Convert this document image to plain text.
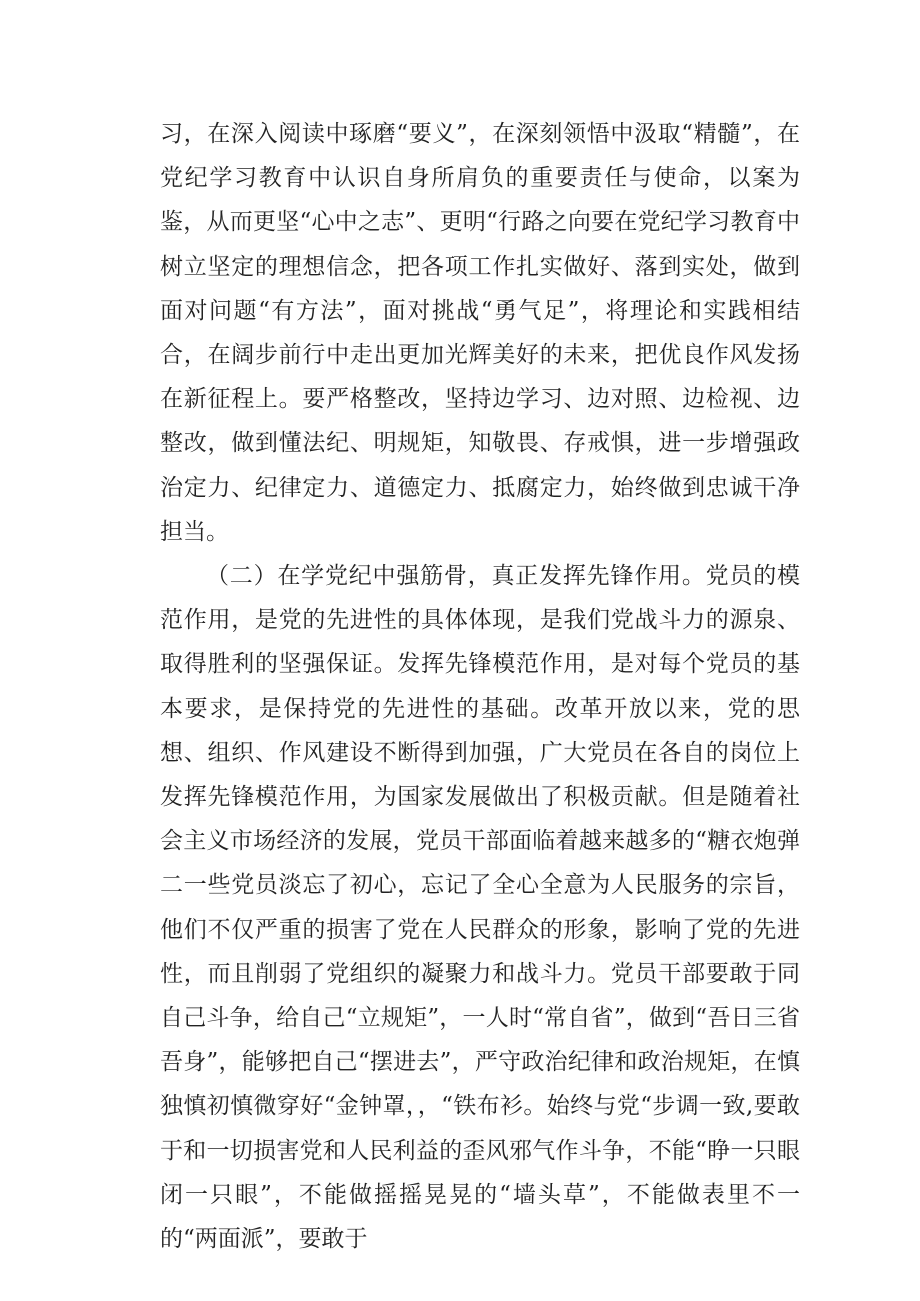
习，在深入阅读中琢磨“要义”，在深刻领悟中汲取“精髓”，在党纪学习教育中认识自身所肩负的重要责任与使命，以案为鉴，从而更坚“心中之志”、更明“行路之向要在党纪学习教育中树立坚定的理想信念，把各项工作扎实做好、落到实处，做到面对问题“有方法”，面对挑战“勇气足”，将理论和实践相结合，在阔步前行中走出更加光辉美好的未来，把优良作风发扬在新征程上。要严格整改，坚持边学习、边对照、边检视、边整改，做到懂法纪、明规矩，知敬畏、存戒惧，进一步增强政治定力、纪律定力、道德定力、抵腐定力，始终做到忠诚干净担当。

（二）在学党纪中强筋骨，真正发挥先锋作用。党员的模范作用，是党的先进性的具体体现，是我们党战斗力的源泉、取得胜利的坚强保证。发挥先锋模范作用，是对每个党员的基本要求，是保持党的先进性的基础。改革开放以来，党的思想、组织、作风建设不断得到加强，广大党员在各自的岗位上发挥先锋模范作用，为国家发展做出了积极贡献。但是随着社会主义市场经济的发展，党员干部面临着越来越多的“糖衣炮弹二一些党员淡忘了初心，忘记了全心全意为人民服务的宗旨，他们不仅严重的损害了党在人民群众的形象，影响了党的先进性，而且削弱了党组织的凝聚力和战斗力。党员干部要敢于同自己斗争，给自己“立规矩”，一人时“常自省”，做到“吾日三省吾身”，能够把自己“摆进去”，严守政治纪律和政治规矩，在慎独慎初慎微穿好“金钟罩，，“铁布衫。始终与党“步调一致,要敢于和一切损害党和人民利益的歪风邪气作斗争，不能“睁一只眼闭一只眼”，不能做摇摇晃晃的“墙头草”，不能做表里不一的“两面派”，要敢于
